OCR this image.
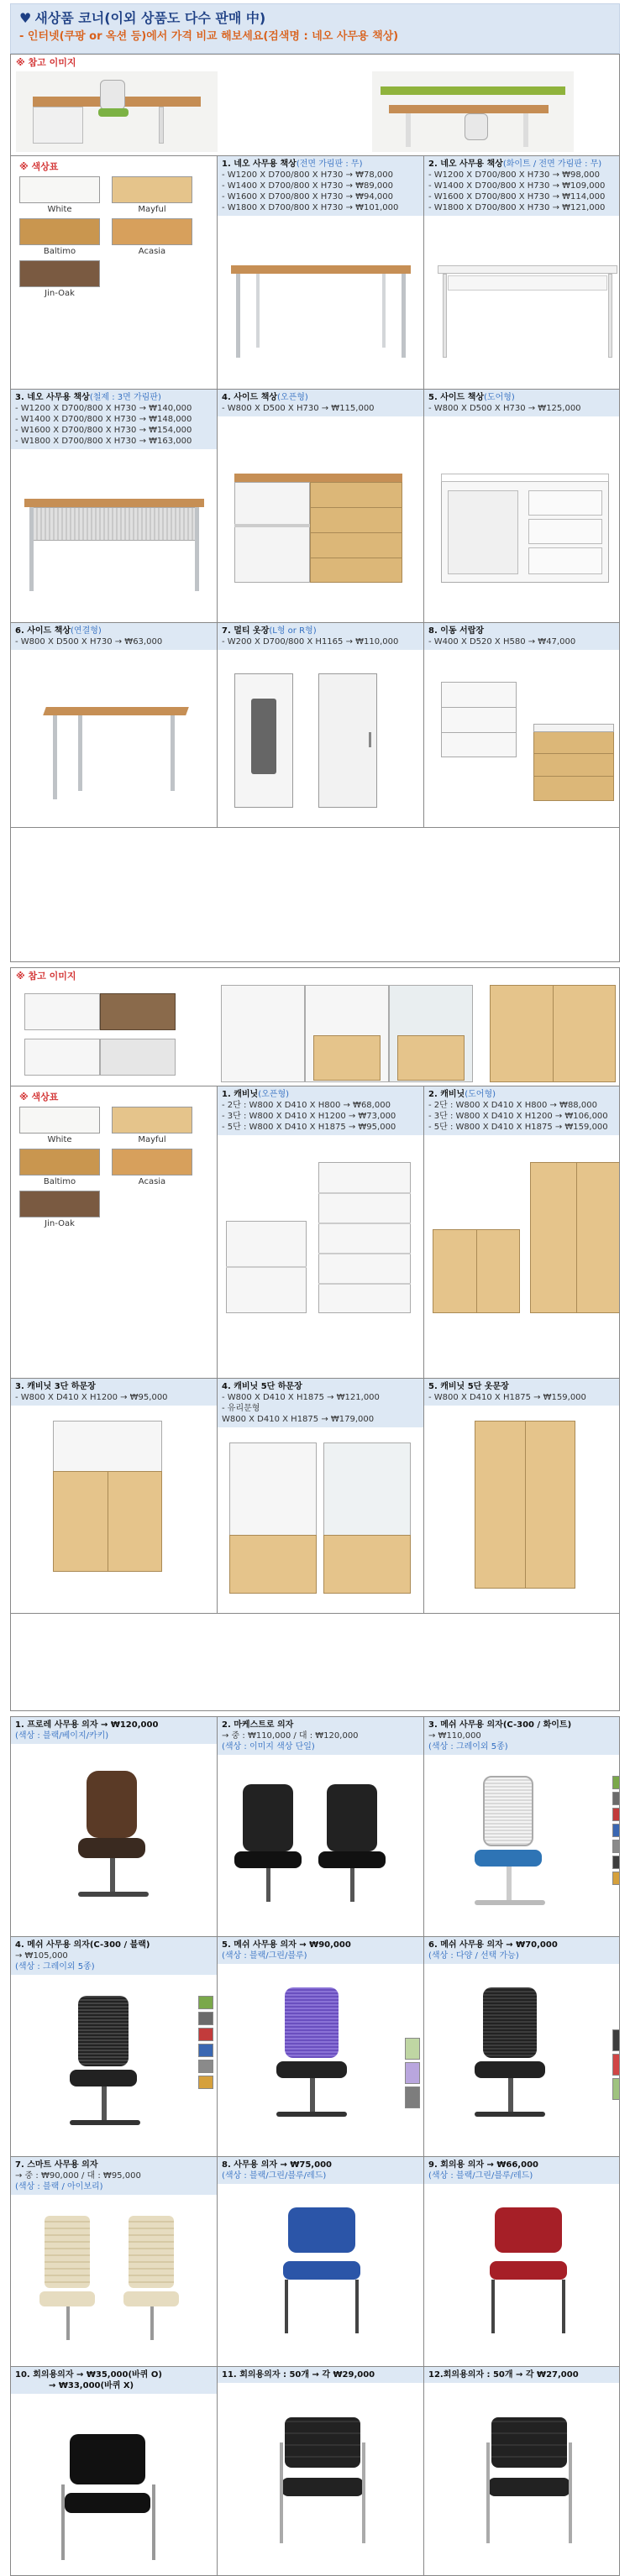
♥ 새상품 코너(이외 상품도 다수 판매 中)
- 인터넷(쿠팡 or 옥션 등)에서 가격 비교 해보세요(검색명 : 네오 사무용 책상)
※ 참고 이미지
※ 색상표
White	Mayful
Baltimo	Acasia
Jin-Oak
1. 네오 사무용 책상(전면 가림판 : 무)
- W1200 X D700/800 X H730 → ₩78,000
- W1400 X D700/800 X H730 → ₩89,000
- W1600 X D700/800 X H730 → ₩94,000
- W1800 X D700/800 X H730 → ₩101,000
2. 네오 사무용 책상(화이트 / 전면 가림판 : 무)
- W1200 X D700/800 X H730 → ₩98,000
- W1400 X D700/800 X H730 → ₩109,000
- W1600 X D700/800 X H730 → ₩114,000
- W1800 X D700/800 X H730 → ₩121,000
3. 네오 사무용 책상(철제 : 3면 가림판)
- W1200 X D700/800 X H730 → ₩140,000
- W1400 X D700/800 X H730 → ₩148,000
- W1600 X D700/800 X H730 → ₩154,000
- W1800 X D700/800 X H730 → ₩163,000
4. 사이드 책상(오픈형)
- W800 X D500 X H730 → ₩115,000
5. 사이드 책상(도어형)
- W800 X D500 X H730 → ₩125,000
6. 사이드 책상(연결형)
- W800 X D500 X H730 → ₩63,000
7. 멀티 옷장(L형 or R형)
- W200 X D700/800 X H1165 → ₩110,000
8. 이동 서랍장
- W400 X D520 X H580 → ₩47,000
※ 참고 이미지
※ 색상표
White	Mayful
Baltimo	Acasia
Jin-Oak
1. 캐비닛(오픈형)
- 2단 : W800 X D410 X H800 → ₩68,000
- 3단 : W800 X D410 X H1200 → ₩73,000
- 5단 : W800 X D410 X H1875 → ₩95,000
2. 캐비닛(도어형)
- 2단 : W800 X D410 X H800 → ₩88,000
- 3단 : W800 X D410 X H1200 → ₩106,000
- 5단 : W800 X D410 X H1875 → ₩159,000
3. 캐비닛 3단 하문장
- W800 X D410 X H1200 → ₩95,000
4. 캐비닛 5단 하문장
- W800 X D410 X H1875 → ₩121,000
- 유리문형
W800 X D410 X H1875 → ₩179,000
5. 캐비닛 5단 옷문장
- W800 X D410 X H1875 → ₩159,000
1. 프로레 사무용 의자 → ₩120,000
(색상 : 블랙/베이지/카키)
2. 마케스트로 의자
→ 중 : ₩110,000 / 대 : ₩120,000
(색상 : 이미지 색상 단일)
3. 메쉬 사무용 의자(C-300 / 화이트)
→ ₩110,000
(색상 : 그레이외 5종)
4. 메쉬 사무용 의자(C-300 / 블랙)
→ ₩105,000
(색상 : 그레이외 5종)
5. 메쉬 사무용 의자 → ₩90,000
(색상 : 블랙/그린/블루)
6. 메쉬 사무용 의자 → ₩70,000
(색상 : 다양 / 선택 가능)
7. 스마트 사무용 의자
→ 중 : ₩90,000 / 대 : ₩95,000
(색상 : 블랙 / 아이보리)
8. 사무용 의자 → ₩75,000
(색상 : 블랙/그린/블루/레드)
9. 회의용 의자 → ₩66,000
(색상 : 블랙/그린/블루/레드)
10. 회의용의자 → ₩35,000(바퀴 O)
→ ₩33,000(바퀴 X)
11. 회의용의자 : 50개 → 각 ₩29,000	12.회의용의자 : 50개 → 각 ₩27,000
